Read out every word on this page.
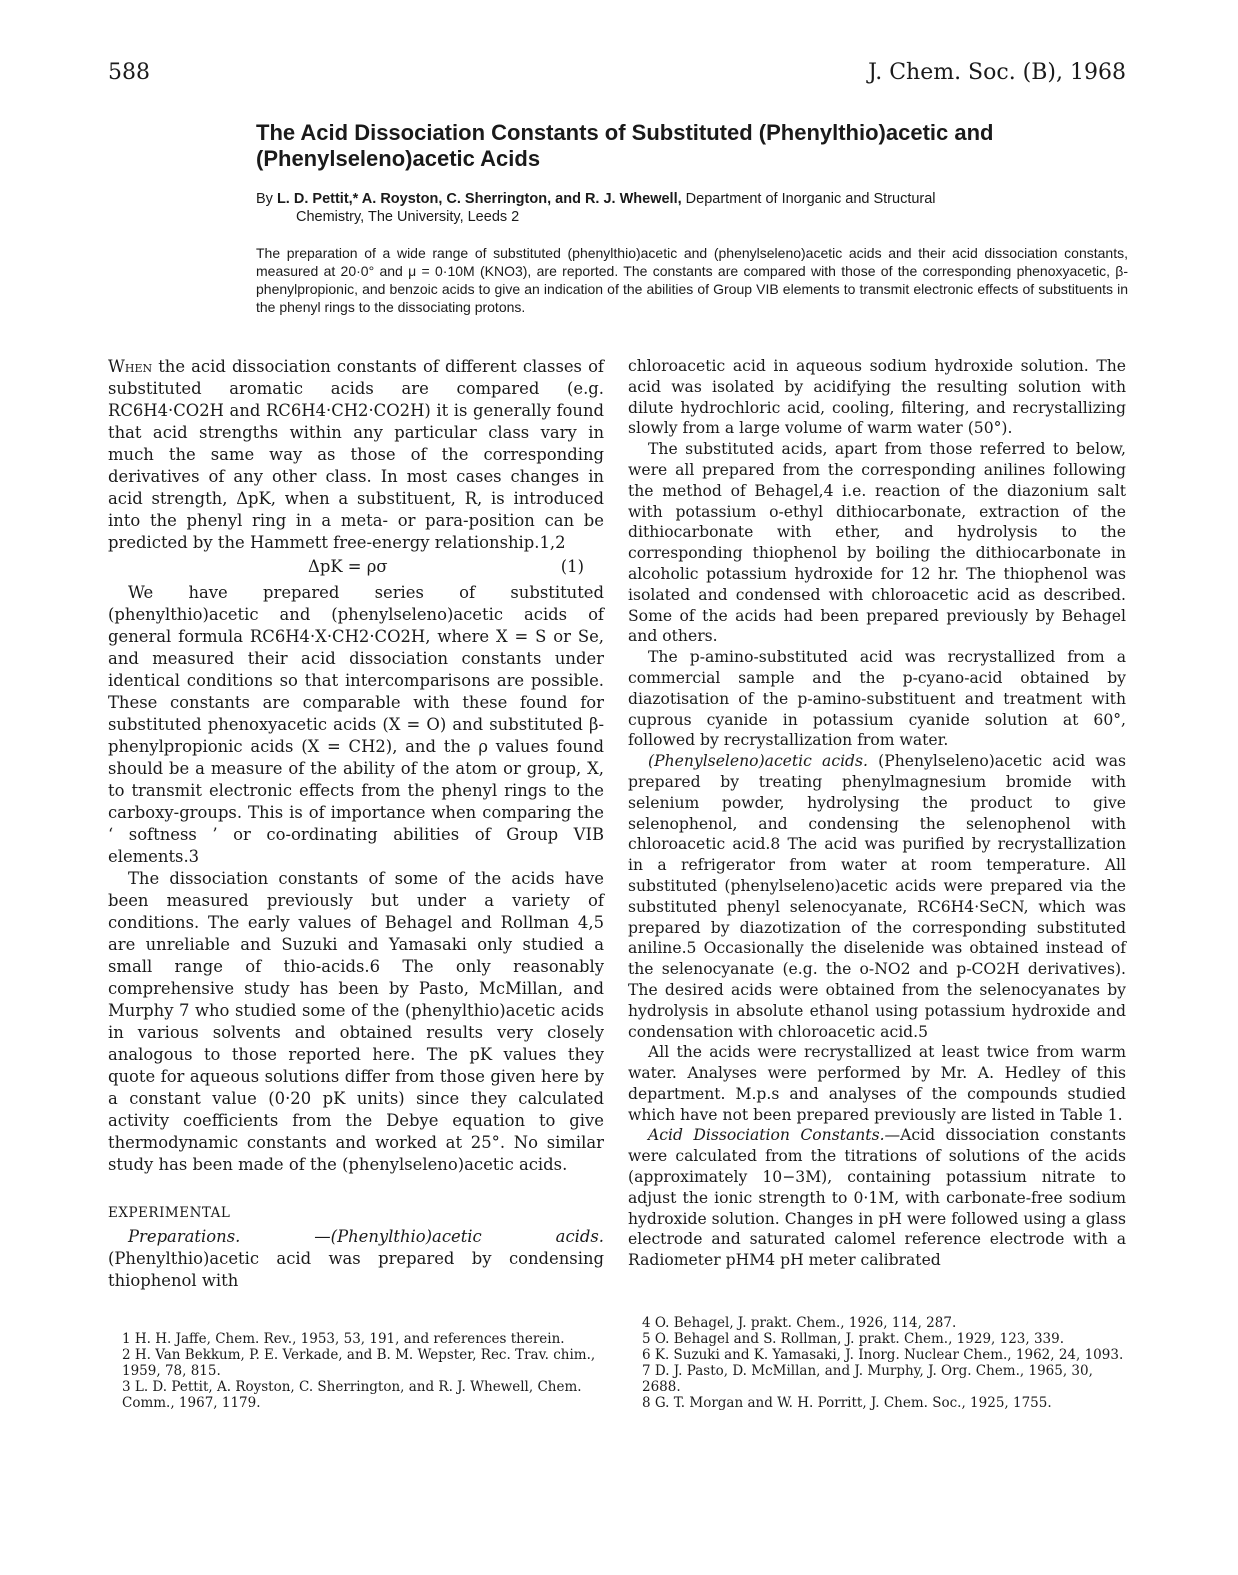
588	J. Chem. Soc. (B), 1968
The Acid Dissociation Constants of Substituted (Phenylthio)acetic and (Phenylseleno)acetic Acids
By L. D. Pettit,* A. Royston, C. Sherrington, and R. J. Whewell, Department of Inorganic and Structural
Chemistry, The University, Leeds 2

The preparation of a wide range of substituted (phenylthio)acetic and (phenylseleno)acetic acids and their acid dissociation constants, measured at 20·0° and μ = 0·10M (KNO3), are reported. The constants are compared with those of the corresponding phenoxyacetic, β-phenylpropionic, and benzoic acids to give an indication of the abilities of Group VIB elements to transmit electronic effects of substituents in the phenyl rings to the dissociating protons.

When the acid dissociation constants of different classes of substituted aromatic acids are compared (e.g. RC6H4·CO2H and RC6H4·CH2·CO2H) it is generally found that acid strengths within any particular class vary in much the same way as those of the corresponding derivatives of any other class. In most cases changes in acid strength, ΔpK, when a substituent, R, is introduced into the phenyl ring in a meta- or para-position can be predicted by the Hammett free-energy relationship.1,2

ΔpK = ρσ	(1)

We have prepared series of substituted (phenylthio)acetic and (phenylseleno)acetic acids of general formula RC6H4·X·CH2·CO2H, where X = S or Se, and measured their acid dissociation constants under identical conditions so that intercomparisons are possible. These constants are comparable with these found for substituted phenoxyacetic acids (X = O) and substituted β-phenylpropionic acids (X = CH2), and the ρ values found should be a measure of the ability of the atom or group, X, to transmit electronic effects from the phenyl rings to the carboxy-groups. This is of importance when comparing the ‘ softness ’ or co-ordinating abilities of Group VIB elements.3

The dissociation constants of some of the acids have been measured previously but under a variety of conditions. The early values of Behagel and Rollman 4,5 are unreliable and Suzuki and Yamasaki only studied a small range of thio-acids.6 The only reasonably comprehensive study has been by Pasto, McMillan, and Murphy 7 who studied some of the (phenylthio)acetic acids in various solvents and obtained results very closely analogous to those reported here. The pK values they quote for aqueous solutions differ from those given here by a constant value (0·20 pK units) since they calculated activity coefficients from the Debye equation to give thermodynamic constants and worked at 25°. No similar study has been made of the (phenylseleno)acetic acids.

EXPERIMENTAL

Preparations.	—(Phenylthio)acetic acids. (Phenylthio)acetic acid was prepared by condensing thiophenol with

chloroacetic acid in aqueous sodium hydroxide solution. The acid was isolated by acidifying the resulting solution with dilute hydrochloric acid, cooling, filtering, and recrystallizing slowly from a large volume of warm water (50°).

The substituted acids, apart from those referred to below, were all prepared from the corresponding anilines following the method of Behagel,4 i.e. reaction of the diazonium salt with potassium o-ethyl dithiocarbonate, extraction of the dithiocarbonate with ether, and hydrolysis to the corresponding thiophenol by boiling the dithiocarbonate in alcoholic potassium hydroxide for 12 hr. The thiophenol was isolated and condensed with chloroacetic acid as described. Some of the acids had been prepared previously by Behagel and others.

The p-amino-substituted acid was recrystallized from a commercial sample and the p-cyano-acid obtained by diazotisation of the p-amino-substituent and treatment with cuprous cyanide in potassium cyanide solution at 60°, followed by recrystallization from water.

(Phenylseleno)acetic acids. (Phenylseleno)acetic acid was prepared by treating phenylmagnesium bromide with selenium powder, hydrolysing the product to give selenophenol, and condensing the selenophenol with chloroacetic acid.8 The acid was purified by recrystallization in a refrigerator from water at room temperature. All substituted (phenylseleno)acetic acids were prepared via the substituted phenyl selenocyanate, RC6H4·SeCN, which was prepared by diazotization of the corresponding substituted aniline.5 Occasionally the diselenide was obtained instead of the selenocyanate (e.g. the o-NO2 and p-CO2H derivatives). The desired acids were obtained from the selenocyanates by hydrolysis in absolute ethanol using potassium hydroxide and condensation with chloroacetic acid.5

All the acids were recrystallized at least twice from warm water. Analyses were performed by Mr. A. Hedley of this department. M.p.s and analyses of the compounds studied which have not been prepared previously are listed in Table 1.

Acid Dissociation Constants.—Acid dissociation constants were calculated from the titrations of solutions of the acids (approximately 10−3M), containing potassium nitrate to adjust the ionic strength to 0·1M, with carbonate-free sodium hydroxide solution. Changes in pH were followed using a glass electrode and saturated calomel reference electrode with a Radiometer pHM4 pH meter calibrated

1 H. H. Jaffe, Chem. Rev., 1953, 53, 191, and references therein.
2 H. Van Bekkum, P. E. Verkade, and B. M. Wepster, Rec. Trav. chim., 1959, 78, 815.
3 L. D. Pettit, A. Royston, C. Sherrington, and R. J. Whewell, Chem. Comm., 1967, 1179.
4 O. Behagel, J. prakt. Chem., 1926, 114, 287.
5 O. Behagel and S. Rollman, J. prakt. Chem., 1929, 123, 339.
6 K. Suzuki and K. Yamasaki, J. Inorg. Nuclear Chem., 1962, 24, 1093.
7 D. J. Pasto, D. McMillan, and J. Murphy, J. Org. Chem., 1965, 30, 2688.
8 G. T. Morgan and W. H. Porritt, J. Chem. Soc., 1925, 1755.
